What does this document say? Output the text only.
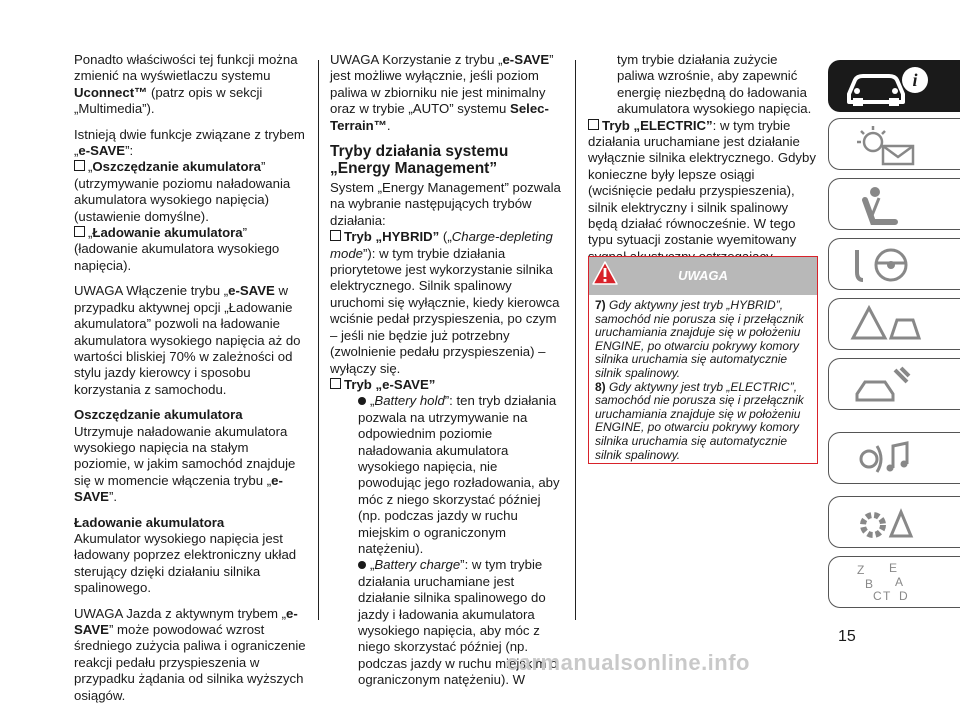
Ponadto właściwości tej funkcji można zmienić na wyświetlaczu systemu Uconnect™ (patrz opis w sekcji „Multimedia”).

Istnieją dwie funkcje związane z trybem „e-SAVE”:

„Oszczędzanie akumulatora” (utrzymywanie poziomu naładowania akumulatora wysokiego napięcia) (ustawienie domyślne).

„Ładowanie akumulatora” (ładowanie akumulatora wysokiego napięcia).

UWAGA Włączenie trybu „e-SAVE w przypadku aktywnej opcji „Ładowanie akumulatora” pozwoli na ładowanie akumulatora wysokiego napięcia aż do wartości bliskiej 70% w zależności od stylu jazdy kierowcy i sposobu korzystania z samochodu.

Oszczędzanie akumulatora

Utrzymuje naładowanie akumulatora wysokiego napięcia na stałym poziomie, w jakim samochód znajduje się w momencie włączenia trybu „e-SAVE”.

Ładowanie akumulatora

Akumulator wysokiego napięcia jest ładowany poprzez elektroniczny układ sterujący dzięki działaniu silnika spalinowego.

UWAGA Jazda z aktywnym trybem „e-SAVE” może powodować wzrost średniego zużycia paliwa i ograniczenie reakcji pedału przyspieszenia w przypadku żądania od silnika wyższych osiągów.

UWAGA Korzystanie z trybu „e-SAVE” jest możliwe wyłącznie, jeśli poziom paliwa w zbiorniku nie jest minimalny oraz w trybie „AUTO” systemu Selec-Terrain™.

Tryby działania systemu „Energy Management”

System „Energy Management” pozwala na wybranie następujących trybów działania:

Tryb „HYBRID” („Charge-depleting mode”): w tym trybie działania priorytetowe jest wykorzystanie silnika elektrycznego. Silnik spalinowy uruchomi się wyłącznie, kiedy kierowca wciśnie pedał przyspieszenia, po czym – jeśli nie będzie już potrzebny (zwolnienie pedału przyspieszenia) – wyłączy się.

Tryb „e-SAVE”

„Battery hold”: ten tryb działania pozwala na utrzymywanie na odpowiednim poziomie naładowania akumulatora wysokiego napięcia, nie powodując jego rozładowania, aby móc z niego skorzystać później (np. podczas jazdy w ruchu miejskim o ograniczonym natężeniu).

„Battery charge”: w tym trybie działania uruchamiane jest działanie silnika spalinowego do jazdy i ładowania akumulatora wysokiego napięcia, aby móc z niego skorzystać później (np. podczas jazdy w ruchu miejskim o ograniczonym natężeniu). W

tym trybie działania zużycie paliwa wzrośnie, aby zapewnić energię niezbędną do ładowania akumulatora wysokiego napięcia.

Tryb „ELECTRIC”: w tym trybie działania uruchamiane jest działanie wyłącznie silnika elektrycznego. Gdyby konieczne były lepsze osiągi (wciśnięcie pedału przyspieszenia), silnik elektryczny i silnik spalinowy będą działać równocześnie. W tego typu sytuacji zostanie wyemitowany

UWAGA
7) Gdy aktywny jest tryb „HYBRID”, samochód nie porusza się i przełącznik uruchamiania znajduje się w położeniu ENGINE, po otwarciu pokrywy komory silnika uruchamia się automatycznie silnik spalinowy.
8) Gdy aktywny jest tryb „ELECTRIC”, samochód nie porusza się i przełącznik uruchamiania znajduje się w położeniu ENGINE, po otwarciu pokrywy komory silnika uruchamia się automatycznie silnik spalinowy.
i
Z E
B A
C T D
15
carmanualsonline.info
